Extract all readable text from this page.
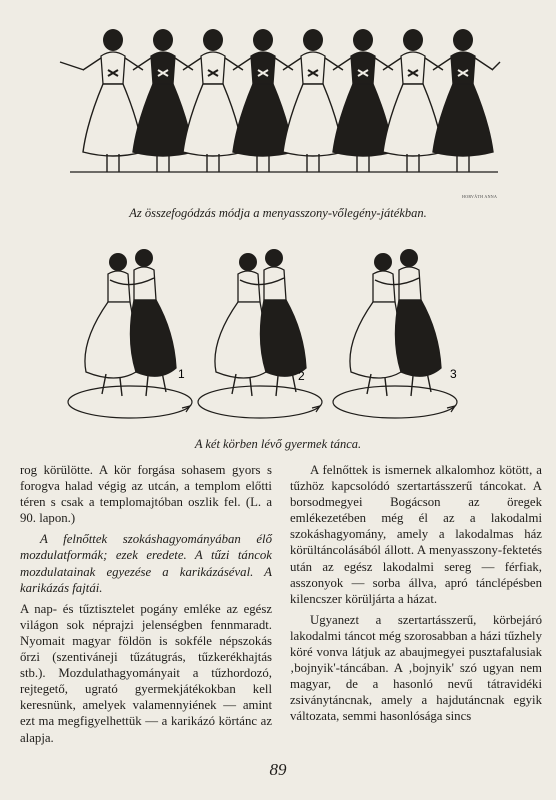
HORVÁTH ANNA
Az összefogódzás módja a menyasszony-vőlegény-játékban.
1	2	3
A két körben lévő gyermek tánca.

rog körülötte. A kör forgása sohasem gyors s forogva halad végig az utcán, a templom előtti téren s csak a templomajtóban oszlik fel. (L. a 90. lapon.)

A felnőttek szokáshagyományában élő mozdulatformák; ezek eredete. A tűzi táncok mozdulatainak egyezése a karikázáséval. A karikázás fajtái.

A nap- és tűztisztelet pogány emléke az egész világon sok néprajzi jelenségben fennmaradt. Nyomait magyar földön is sokféle népszokás őrzi (szentiváneji tűzátugrás, tűzkerékhajtás stb.). Mozdulathagyományait a tűzhordozó, rejtegető, ugrató gyermekjátékokban kell keresnünk, amelyek valamennyiének — amint ezt ma megfigyelhettük — a karikázó körtánc az alapja.

A felnőttek is ismernek alkalomhoz kötött, a tűzhöz kapcsolódó szertartásszerű táncokat. A borsodmegyei Bogácson az öregek emlékezetében még él az a lakodalmi szokáshagyomány, amely a lakodalmas ház körültáncolásából állott. A menyasszony-fektetés után az egész lakodalmi sereg — férfiak, asszonyok — sorba állva, apró tánclépésben kilencszer körüljárta a házat.

Ugyanezt a szertartásszerű, körbejáró lakodalmi táncot még szorosabban a házi tűzhely köré vonva látjuk az abaujmegyei pusztafalusiak ‚bojnyik'-táncában. A ‚bojnyik' szó ugyan nem magyar, de a hasonló nevű tátravidéki zsiványtáncnak, amely a hajdutáncnak egyik változata, semmi hasonlósága sincs

89
